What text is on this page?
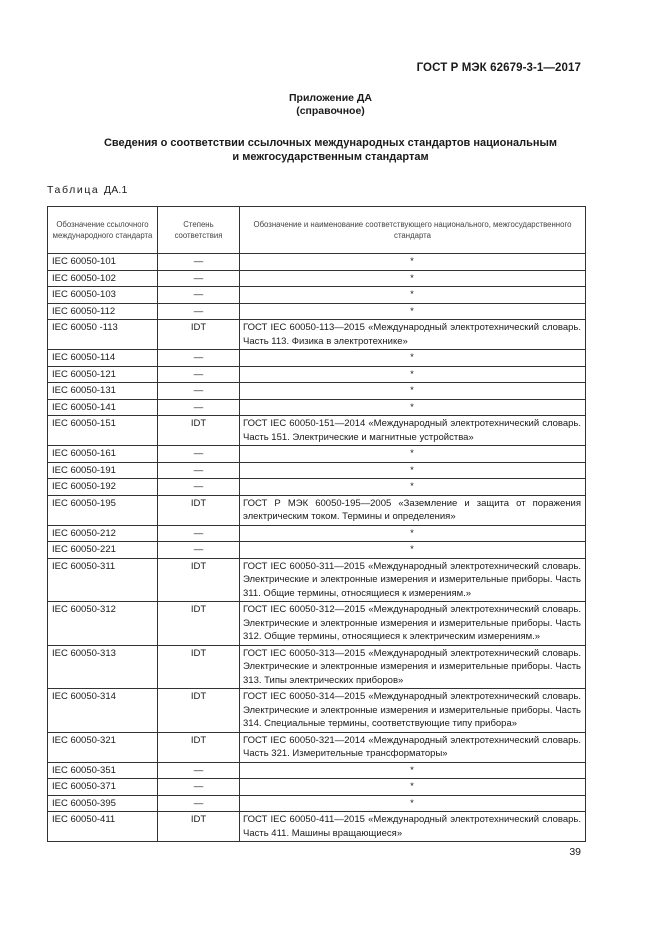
ГОСТ Р МЭК 62679-3-1—2017
Приложение ДА
(справочное)
Сведения о соответствии ссылочных международных стандартов национальным
и межгосударственным стандартам
Таблица ДА.1
Обозначение ссылочного международного стандарта	Степень соответствия	Обозначение и наименование соответствующего национального, межгосударственного стандарта
IEC 60050-101	—	*
IEC 60050-102	—	*
IEC 60050-103	—	*
IEC 60050-112	—	*
IEC 60050 -113	IDT	ГОСТ IEC 60050-113—2015 «Международный электротехнический словарь. Часть 113. Физика в электротехнике»
IEC 60050-114	—	*
IEC 60050-121	—	*
IEC 60050-131	—	*
IEC 60050-141	—	*
IEC 60050-151	IDT	ГОСТ IEC 60050-151—2014 «Международный электротехнический словарь. Часть 151. Электрические и магнитные устройства»
IEC 60050-161	—	*
IEC 60050-191	—	*
IEC 60050-192	—	*
IEC 60050-195	IDT	ГОСТ Р МЭК 60050-195—2005 «Заземление и защита от поражения электрическим током. Термины и определения»
IEC 60050-212	—	*
IEC 60050-221	—	*
IEC 60050-311	IDT	ГОСТ IEC 60050-311—2015 «Международный электротехнический словарь. Электрические и электронные измерения и измерительные приборы. Часть 311. Общие термины, относящиеся к измерениям.»
IEC 60050-312	IDT	ГОСТ IEC 60050-312—2015 «Международный электротехнический словарь. Электрические и электронные измерения и измерительные приборы. Часть 312. Общие термины, относящиеся к электрическим измерениям.»
IEC 60050-313	IDT	ГОСТ IEC 60050-313—2015 «Международный электротехнический словарь. Электрические и электронные измерения и измерительные приборы. Часть 313. Типы электрических приборов»
IEC 60050-314	IDT	ГОСТ IEC 60050-314—2015 «Международный электротехнический словарь. Электрические и электронные измерения и измерительные приборы. Часть 314. Специальные термины, соответствующие типу прибора»
IEC 60050-321	IDT	ГОСТ IEC 60050-321—2014 «Международный электротехнический словарь. Часть 321. Измерительные трансформаторы»
IEC 60050-351	—	*
IEC 60050-371	—	*
IEC 60050-395	—	*
IEC 60050-411	IDT	ГОСТ IEC 60050-411—2015 «Международный электротехнический словарь. Часть 411. Машины вращающиеся»
39
